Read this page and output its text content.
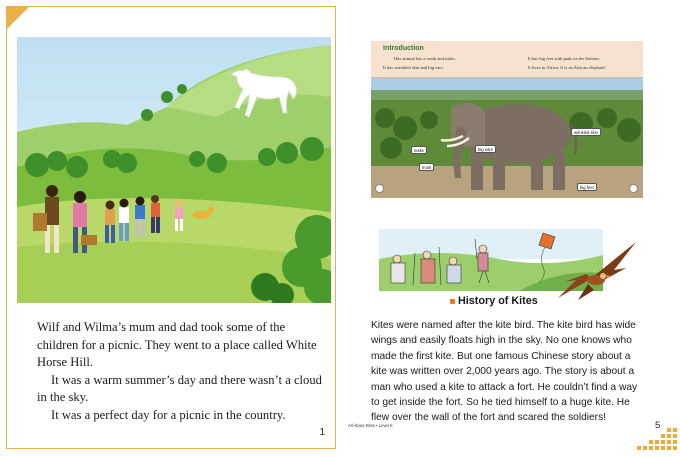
Wilf and Wilma’s mum and dad took some of the children for a picnic. They went to a place called White Horse Hill.

It was a warm summer’s day and there wasn’t a cloud in the sky.

It was a perfect day for a picnic in the country.

1
Introduction
This animal has a trunk and tusks.
It has wrinkled skin and big ears.
It has big feet with pads on the bottom.
It lives in Africa. It is an African elephant!
tusks
trunk
big ears
wrinkled skin
big feet
History of Kites
Kites were named after the kite bird. The kite bird has wide wings and easily floats high in the sky. No one knows who made the first kite. But one famous Chinese story about a kite was written over 2,000 years ago. The story is about a man who used a kite to attack a fort. He couldn’t find a way to get inside the fort. So he tied himself to a huge kite. He flew over the wall of the fort and scared the soldiers!
All About Kites • Level K	5
